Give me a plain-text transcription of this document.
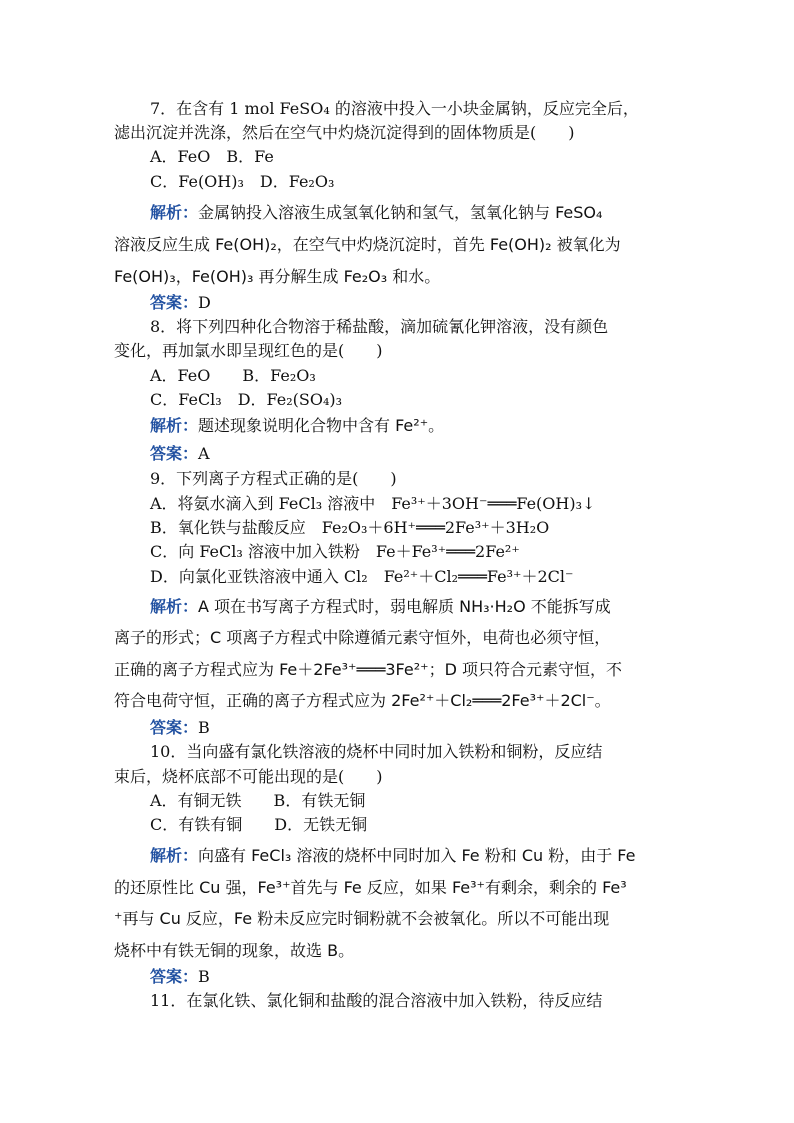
7．在含有 1 mol FeSO₄ 的溶液中投入一小块金属钠，反应完全后，
滤出沉淀并洗涤，然后在空气中灼烧沉淀得到的固体物质是(　　)
A．FeO　B．Fe
C．Fe(OH)₃　D．Fe₂O₃
解析：金属钠投入溶液生成氢氧化钠和氢气，氢氧化钠与 FeSO₄
溶液反应生成 Fe(OH)₂，在空气中灼烧沉淀时，首先 Fe(OH)₂ 被氧化为
Fe(OH)₃，Fe(OH)₃ 再分解生成 Fe₂O₃ 和水。
答案：D
8．将下列四种化合物溶于稀盐酸，滴加硫氰化钾溶液，没有颜色
变化，再加氯水即呈现红色的是(　　)
A．FeO　　B．Fe₂O₃
C．FeCl₃　D．Fe₂(SO₄)₃
解析：题述现象说明化合物中含有 Fe²⁺。
答案：A
9．下列离子方程式正确的是(　　)
A．将氨水滴入到 FeCl₃ 溶液中　Fe³⁺＋3OH⁻═══Fe(OH)₃↓
B．氧化铁与盐酸反应　Fe₂O₃＋6H⁺═══2Fe³⁺＋3H₂O
C．向 FeCl₃ 溶液中加入铁粉　Fe＋Fe³⁺═══2Fe²⁺
D．向氯化亚铁溶液中通入 Cl₂　Fe²⁺＋Cl₂═══Fe³⁺＋2Cl⁻
解析：A 项在书写离子方程式时，弱电解质 NH₃·H₂O 不能拆写成
离子的形式；C 项离子方程式中除遵循元素守恒外，电荷也必须守恒，
正确的离子方程式应为 Fe＋2Fe³⁺═══3Fe²⁺；D 项只符合元素守恒，不
符合电荷守恒，正确的离子方程式应为 2Fe²⁺＋Cl₂═══2Fe³⁺＋2Cl⁻。
答案：B
10．当向盛有氯化铁溶液的烧杯中同时加入铁粉和铜粉，反应结
束后，烧杯底部不可能出现的是(　　)
A．有铜无铁　　B．有铁无铜
C．有铁有铜　　D．无铁无铜
解析：向盛有 FeCl₃ 溶液的烧杯中同时加入 Fe 粉和 Cu 粉，由于 Fe
的还原性比 Cu 强，Fe³⁺首先与 Fe 反应，如果 Fe³⁺有剩余，剩余的 Fe³
⁺再与 Cu 反应，Fe 粉未反应完时铜粉就不会被氧化。所以不可能出现
烧杯中有铁无铜的现象，故选 B。
答案：B
11．在氯化铁、氯化铜和盐酸的混合溶液中加入铁粉，待反应结
